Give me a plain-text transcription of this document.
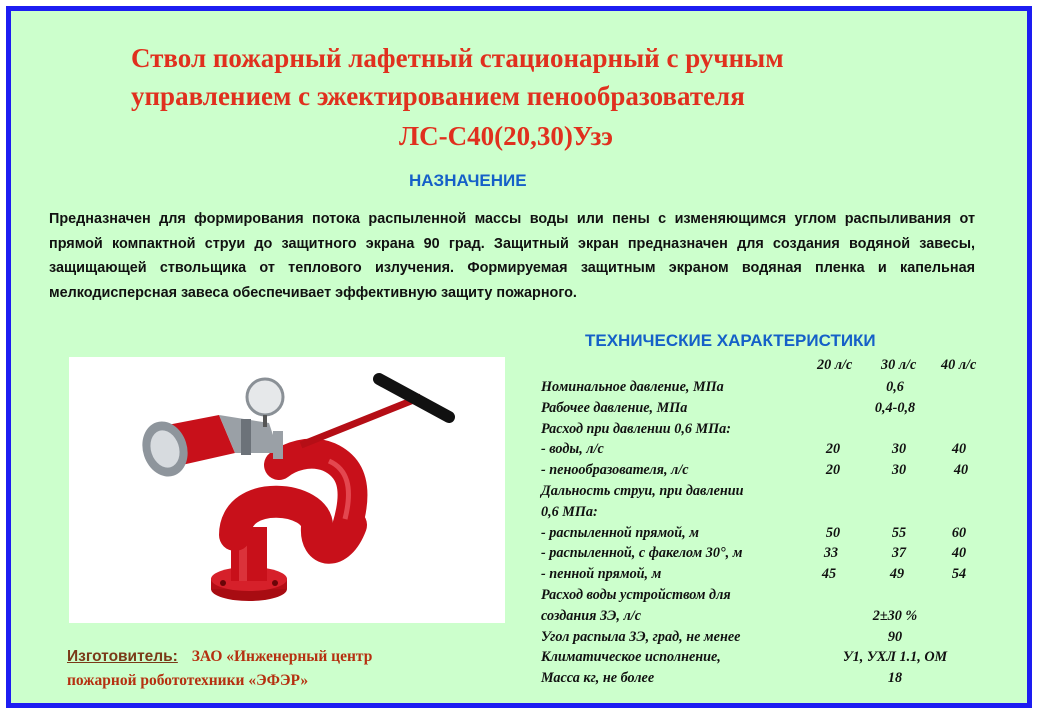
Ствол пожарный лафетный стационарный с ручным
управлением с эжектированием пенообразователя
ЛС-С40(20,30)Узэ
НАЗНАЧЕНИЕ

Предназначен для формирования потока распыленной массы воды или пены с изменяющимся углом распыливания от прямой компактной струи до защитного экрана 90 град. Защитный экран предназначен для создания водяной завесы, защищающей ствольщика от теплового излучения. Формируемая защитным экраном водяная пленка и капельная мелкодисперсная завеса обеспечивает эффективную защиту пожарного.

ТЕХНИЧЕСКИЕ ХАРАКТЕРИСТИКИ
Изготовитель: ЗАО «Инженерный центр
пожарной робототехники «ЭФЭР»
20 л/с 30 л/с 40 л/с
Номинальное давление, МПа	0,6
Рабочее давление, МПа	0,4-0,8
Расход при давлении 0,6 МПа:
- воды, л/с	20	30	40
- пенообразователя, л/с	20	30	40
Дальность струи, при давлении
0,6 МПа:
- распыленной прямой, м	50	55	60
- распыленной, с факелом 30°, м	33	37	40
- пенной прямой, м	45	49	54
Расход воды устройством для
создания ЗЭ, л/с	2±30 %
Угол распыла ЗЭ, град, не менее	90
Климатическое исполнение,	У1, УХЛ 1.1, ОМ
Масса кг, не более	18
